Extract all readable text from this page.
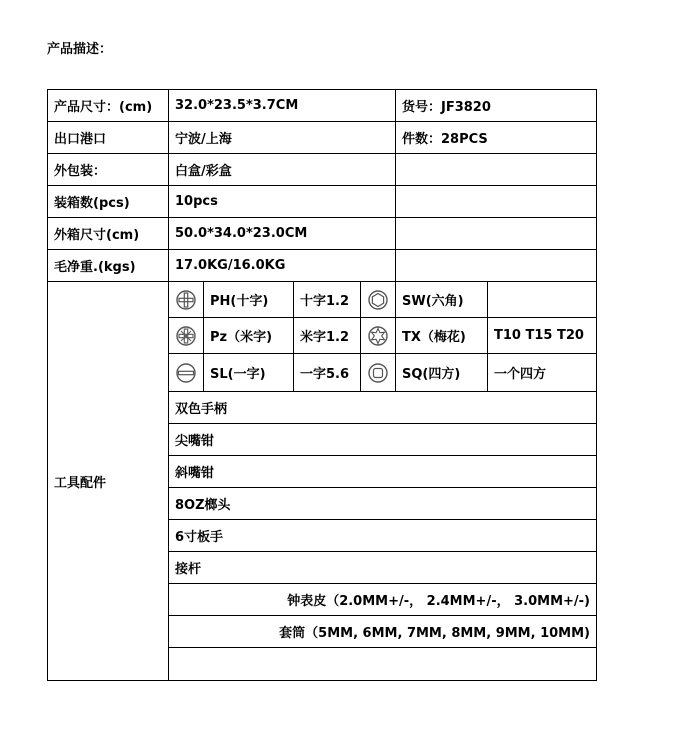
产品描述：
产品尺寸：(cm)	32.0*23.5*3.7CM	货号：JF3820
出口港口	宁波/上海	件数：28PCS
外包装：	白盒/彩盒
装箱数(pcs)	10pcs
外箱尺寸(cm)	50.0*34.0*23.0CM
毛净重.(kgs)	17.0KG/16.0KG
工具配件
PH(十字)	十字1.2	SW(六角)
Pz（米字)	米字1.2	TX（梅花)	T10 T15 T20
SL(一字)	一字5.6	SQ(四方)	一个四方
双色手柄
尖嘴钳
斜嘴钳
8OZ榔头
6寸板手
接杆
钟表皮（2.0MM+/-， 2.4MM+/-， 3.0MM+/-)
套筒（5MM, 6MM, 7MM, 8MM, 9MM, 10MM)
